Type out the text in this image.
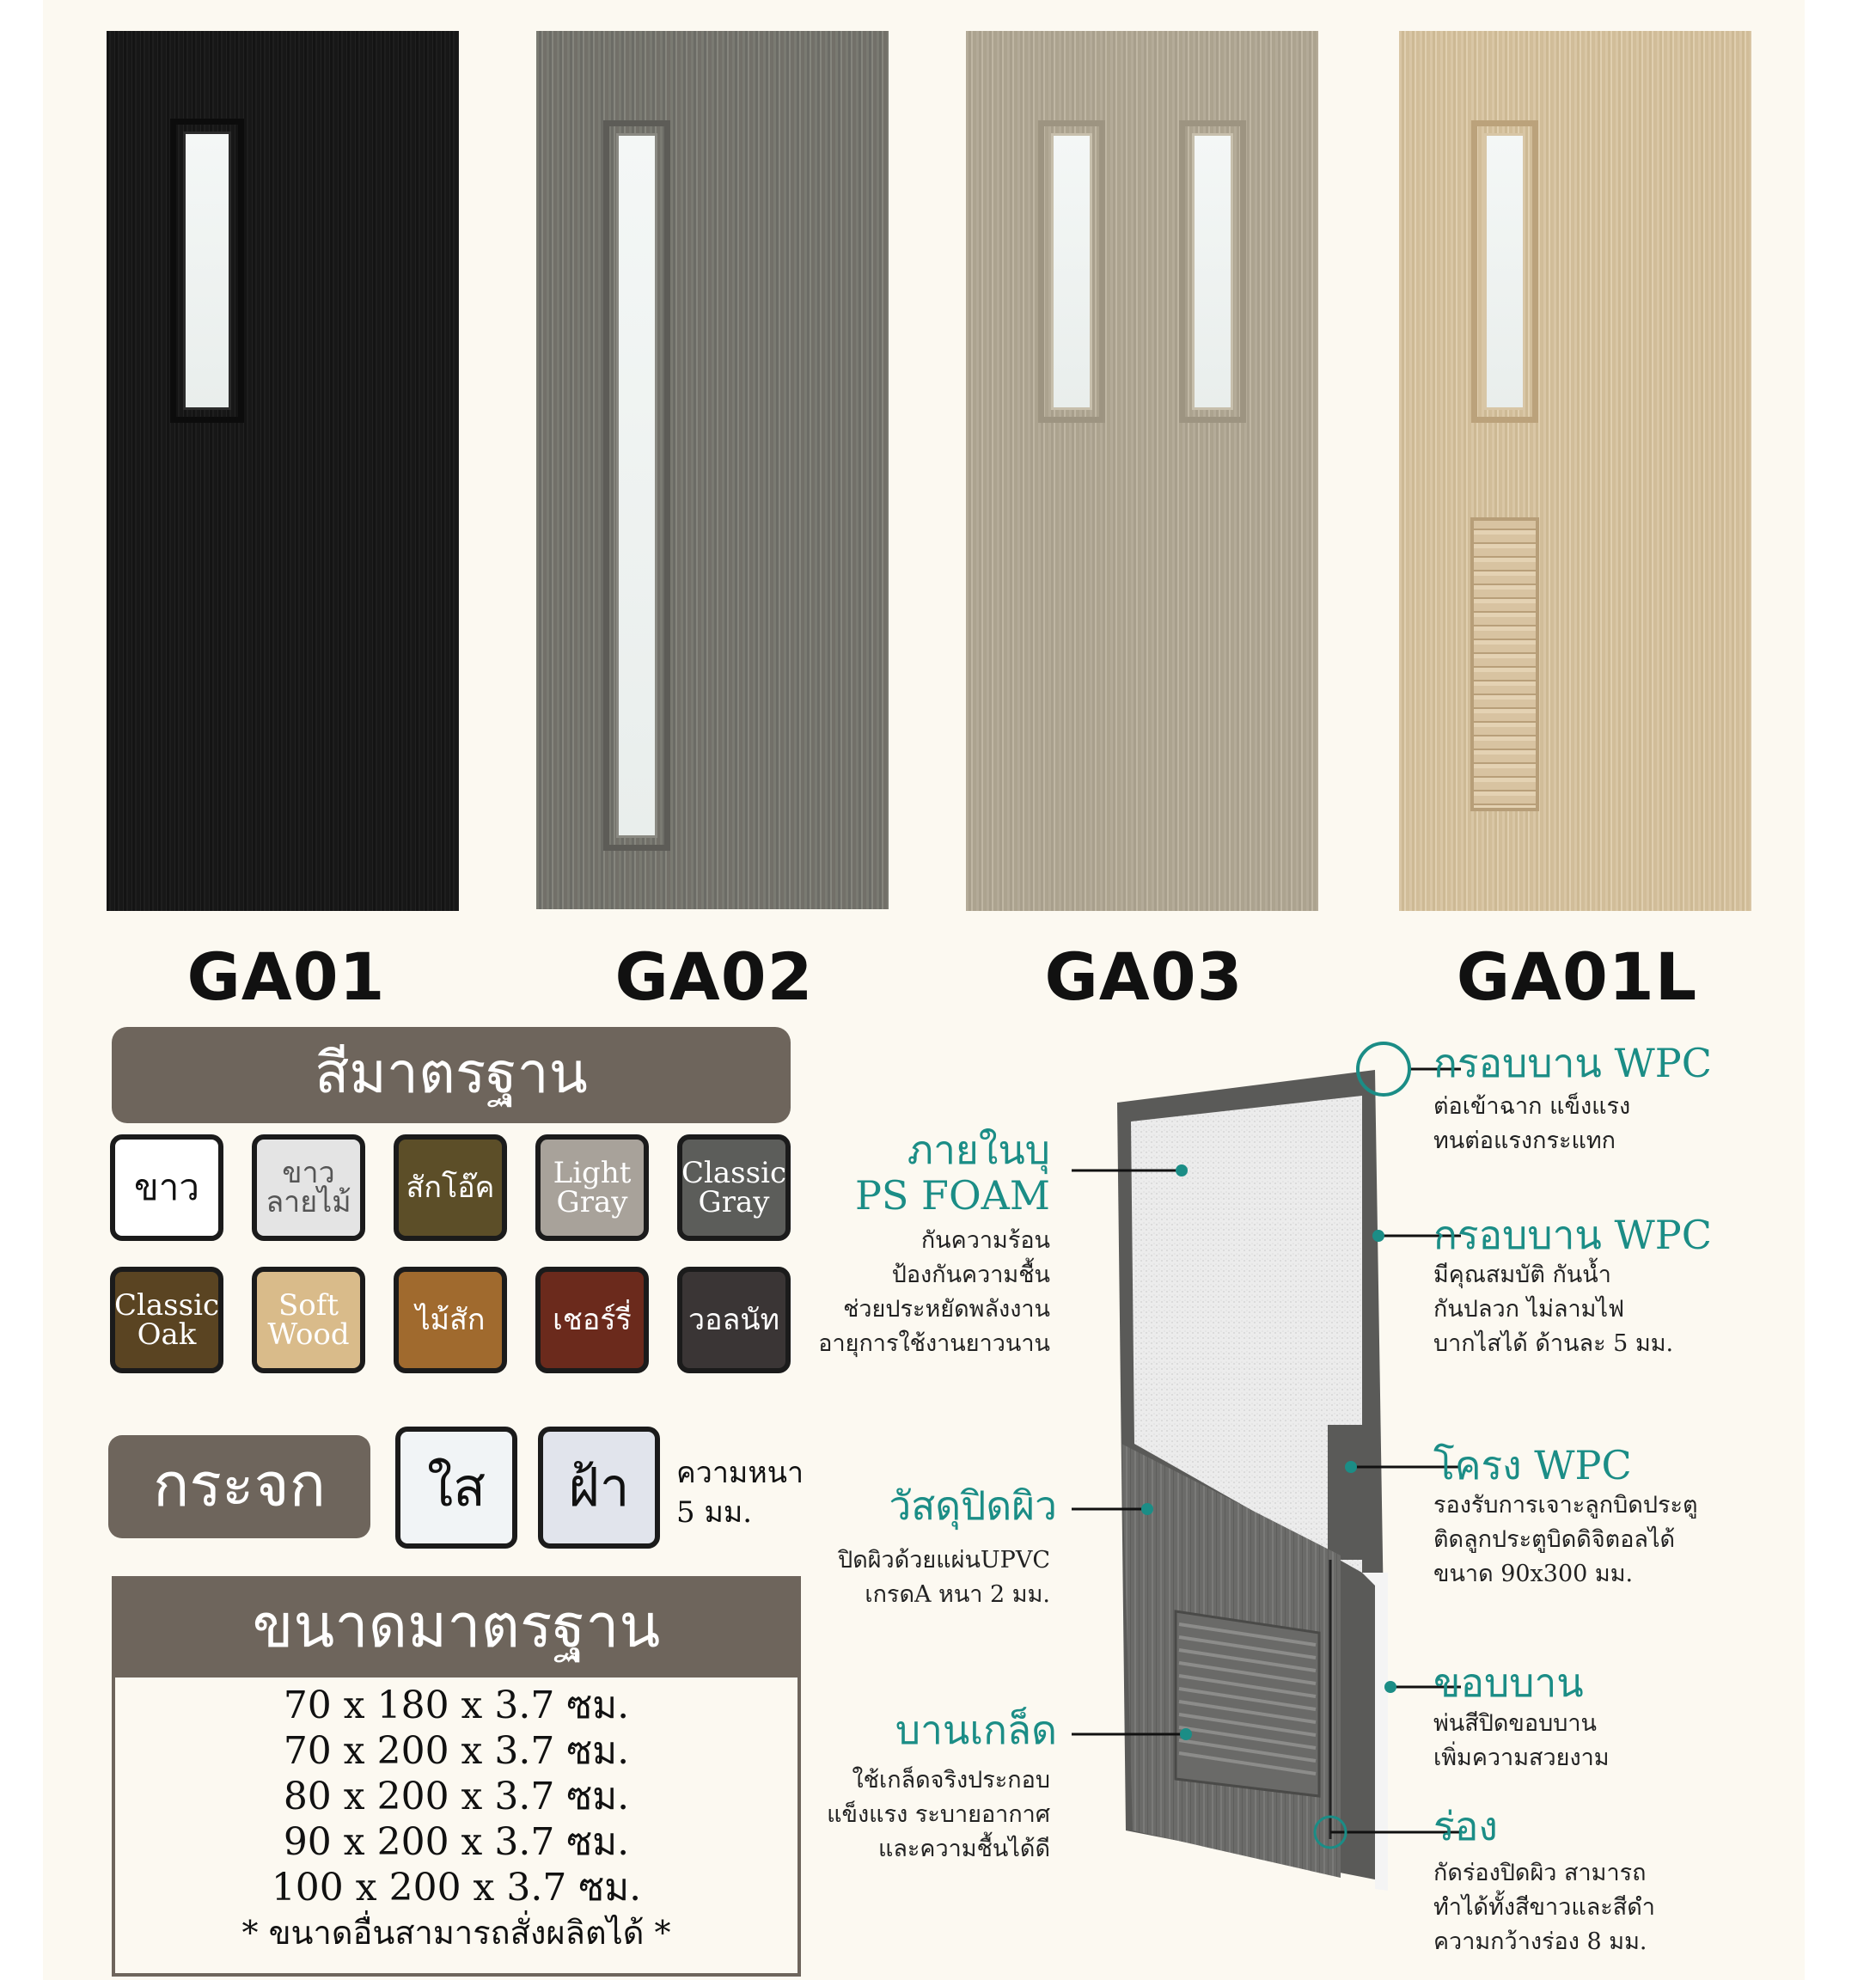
GA01	GA02	GA03	GA01L
สีมาตรฐาน
ขาว	ขาว ลายไม้	สักโอ๊ค	Light Gray
Classic Gray
Classic Oak
Soft Wood	ไม้สัก เชอร์รี่ วอลนัท
กระจก	ใส ฝ้า ความหนา
5 มม.
ขนาดมาตรฐาน
70 x 180 x 3.7 ซม.
70 x 200 x 3.7 ซม.
80 x 200 x 3.7 ซม.
90 x 200 x 3.7 ซม.
100 x 200 x 3.7 ซม.
* ขนาดอื่นสามารถสั่งผลิตได้ *
ภายในบุ
PS FOAM
กันความร้อน
ป้องกันความชื้น
ช่วยประหยัดพลังงาน
อายุการใช้งานยาวนาน
วัสดุปิดผิว
ปิดผิวด้วยแผ่นUPVC
เกรดA หนา 2 มม.
บานเกล็ด
ใช้เกล็ดจริงประกอบ
แข็งแรง ระบายอากาศ
และความชื้นได้ดี
กรอบบาน WPC
ต่อเข้าฉาก แข็งแรง
ทนต่อแรงกระแทก
กรอบบาน WPC
มีคุณสมบัติ กันน้ำ
กันปลวก ไม่ลามไฟ
บากไสได้ ด้านละ 5 มม.
โครง WPC
รองรับการเจาะลูกบิดประตู
ติดลูกประตูบิดดิจิตอลได้
ขนาด 90x300 มม.
ขอบบาน
พ่นสีปิดขอบบาน
เพิ่มความสวยงาม
ร่อง
กัดร่องปิดผิว สามารถ
ทำได้ทั้งสีขาวและสีดำ
ความกว้างร่อง 8 มม.
